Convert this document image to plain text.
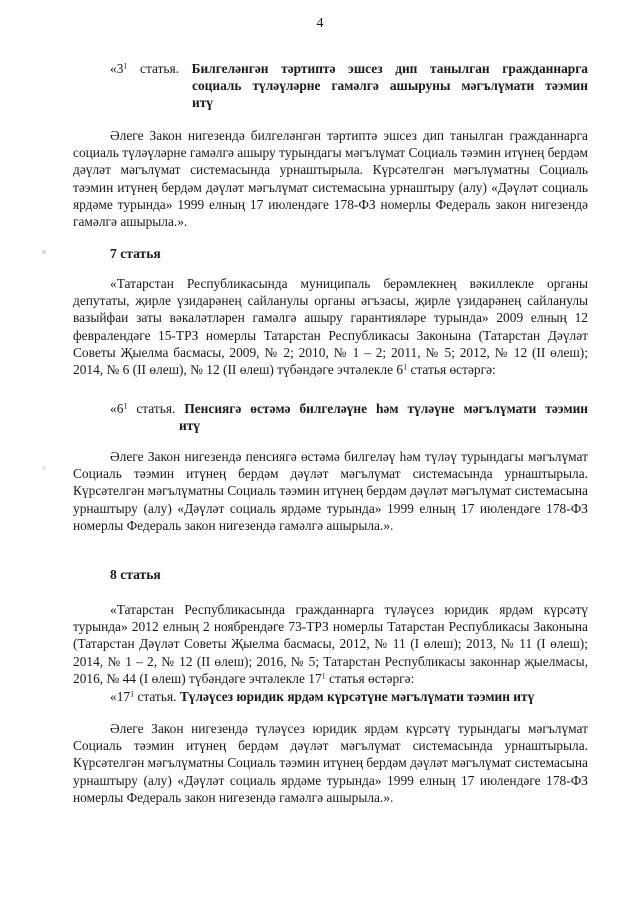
4
«$3^1$ статья. Билгеләнгән тәртиптә эшсез дип танылган гражданнарга
социаль түләүләрне гамәлгә ашыруны мәгълүмати тәэмин
итү

Әлеге Закон нигезендә билгеләнгән тәртиптә эшсез дип танылган гражданнарга социаль түләүләрне гамәлгә ашыру турындагы мәгълүмат Социаль тәэмин итүнең бердәм дәүләт мәгълүмат системасында урнаштырыла. Күрсәтелгән мәгълүматны Социаль тәэмин итүнең бердәм дәүләт мәгълүмат системасына урнаштыру (алу) «Дәүләт социаль ярдәме турында» 1999 елның 17 июлендәге 178-ФЗ номерлы Федераль закон нигезендә гамәлгә ашырыла.».

7 статья

«Татарстан Республикасында муниципаль берәмлекнең вәкиллекле органы депутаты, җирле үзидарәнең сайланулы органы әгъзасы, җирле үзидарәнең сайланулы вазыйфаи заты вәкаләтләрен гамәлгә ашыру гарантияләре турында» 2009 елның 12 февралендәге 15-ТРЗ номерлы Татарстан Республикасы Законына (Татарстан Дәүләт Советы Җыелма басмасы, 2009, № 2; 2010, № 1 – 2; 2011, № 5; 2012, № 12 (II өлеш); 2014, № 6 (II өлеш), № 12 (II өлеш) түбәндәге эчтәлекле $6^1$ статья өстәргә:

«$6^1$ статья. Пенсиягә өстәмә билгеләүне һәм түләүне мәгълүмати тәэмин
итү

Әлеге Закон нигезендә пенсиягә өстәмә билгеләү һәм түләү турындагы мәгълүмат Социаль тәэмин итүнең бердәм дәүләт мәгълүмат системасында урнаштырыла. Күрсәтелгән мәгълүматны Социаль тәэмин итүнең бердәм дәүләт мәгълүмат системасына урнаштыру (алу) «Дәүләт социаль ярдәме турында» 1999 елның 17 июлендәге 178-ФЗ номерлы Федераль закон нигезендә гамәлгә ашырыла.».

8 статья

«Татарстан Республикасында гражданнарга түләүсез юридик ярдәм күрсәтү турында» 2012 елның 2 ноябрендәге 73-ТРЗ номерлы Татарстан Республикасы Законына (Татарстан Дәүләт Советы Җыелма басмасы, 2012, № 11 (I өлеш); 2013, № 11 (I өлеш); 2014, № 1 – 2, № 12 (II өлеш); 2016, № 5; Татарстан Республикасы законнар җыелмасы, 2016, № 44 (I өлеш) түбәндәге эчтәлекле $17^1$ статья өстәргә:

«$17^1$ статья. Түләүсез юридик ярдәм күрсәтүне мәгълүмати тәэмин итү

Әлеге Закон нигезендә түләүсез юридик ярдәм күрсәтү турындагы мәгълүмат Социаль тәэмин итүнең бердәм дәүләт мәгълүмат системасында урнаштырыла. Күрсәтелгән мәгълүматны Социаль тәэмин итүнең бердәм дәүләт мәгълүмат системасына урнаштыру (алу) «Дәүләт социаль ярдәме турында» 1999 елның 17 июлендәге 178-ФЗ номерлы Федераль закон нигезендә гамәлгә ашырыла.».
